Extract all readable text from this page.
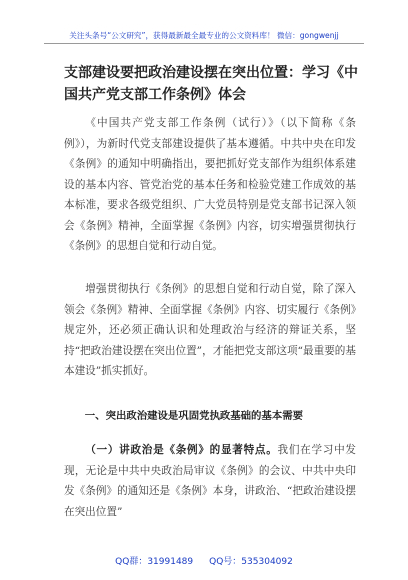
关注头条号“公文研究”，获得最新最全最专业的公文资料库！ 微信：gongwenjj
支部建设要把政治建设摆在突出位置：学习《中国共产党支部工作条例》体会

《中国共产党支部工作条例（试行）》（以下简称《条例》），为新时代党支部建设提供了基本遵循。中共中央在印发《条例》的通知中明确指出，要把抓好党支部作为组织体系建设的基本内容、管党治党的基本任务和检验党建工作成效的基本标准，要求各级党组织、广大党员特别是党支部书记深入领会《条例》精神，全面掌握《条例》内容，切实增强贯彻执行《条例》的思想自觉和行动自觉。

增强贯彻执行《条例》的思想自觉和行动自觉，除了深入领会《条例》精神、全面掌握《条例》内容、切实履行《条例》规定外，还必须正确认识和处理政治与经济的辩证关系，坚持“把政治建设摆在突出位置”，才能把党支部这项“最重要的基本建设”抓实抓好。

一、突出政治建设是巩固党执政基础的基本需要

（一）讲政治是《条例》的显著特点。我们在学习中发现，无论是中共中央政治局审议《条例》的会议、中共中央印发《条例》的通知还是《条例》本身，讲政治、“把政治建设摆在突出位置”

QQ群：31991489 QQ号：535304092
